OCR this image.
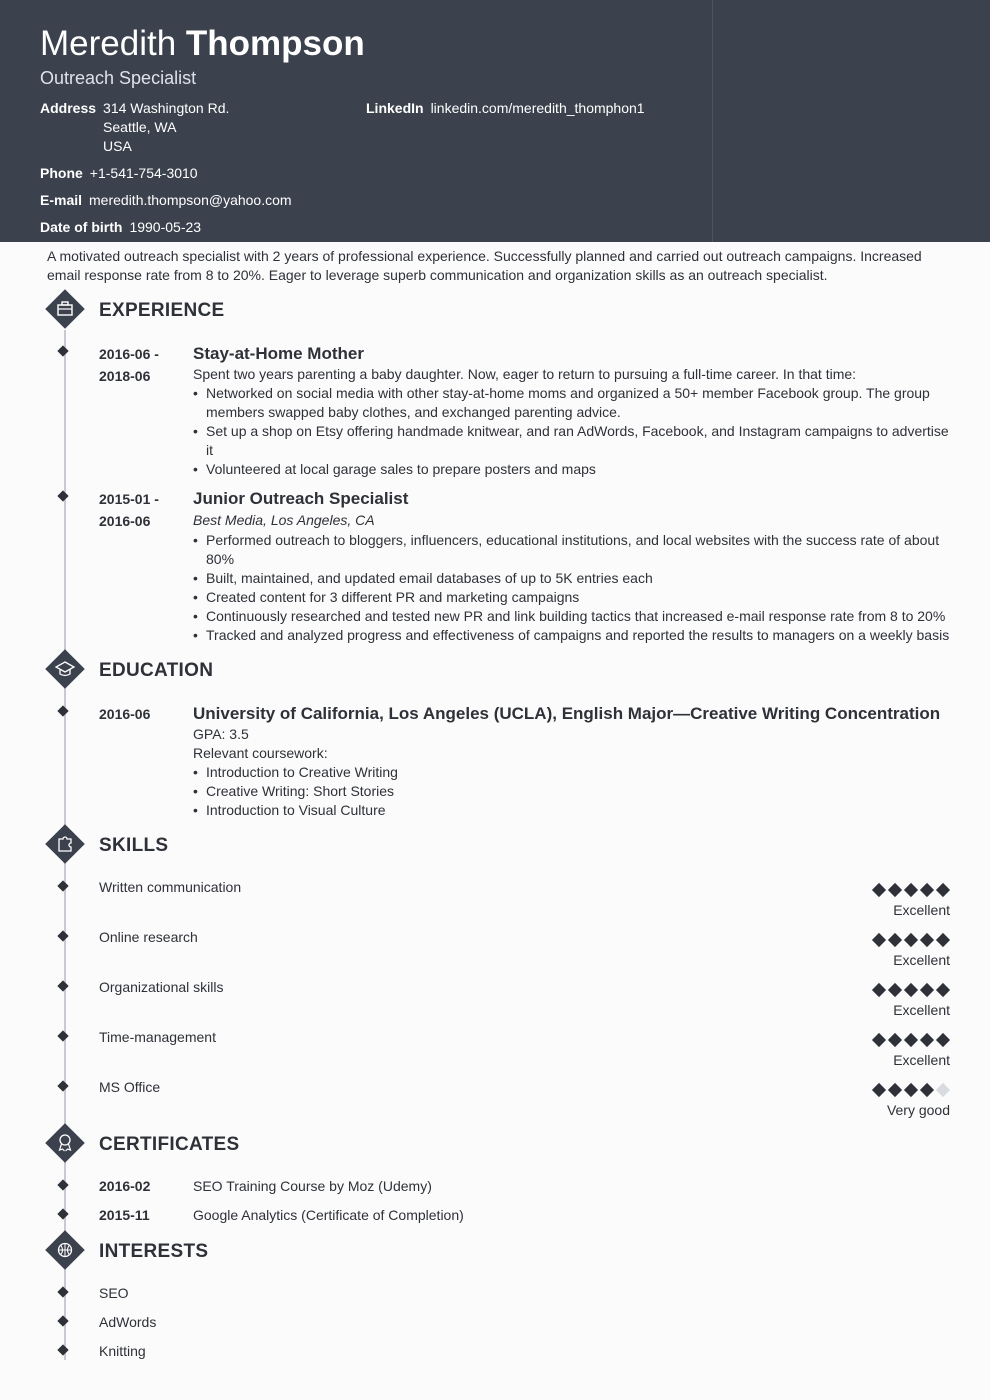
Meredith Thompson
Outreach Specialist
Address 314 Washington Rd.
Seattle, WA
USA
LinkedIn linkedin.com/meredith_thomphon1
Phone +1-541-754-3010
E-mail meredith.thompson@yahoo.com
Date of birth 1990-05-23
A motivated outreach specialist with 2 years of professional experience. Successfully planned and carried out outreach campaigns. Increased email response rate from 8 to 20%. Eager to leverage superb communication and organization skills as an outreach specialist.
EXPERIENCE
2016-06 -
2018-06
Stay-at-Home Mother
Spent two years parenting a baby daughter. Now, eager to return to pursuing a full-time career. In that time:
• Networked on social media with other stay-at-home moms and organized a 50+ member Facebook group. The group members swapped baby clothes, and exchanged parenting advice.
• Set up a shop on Etsy offering handmade knitwear, and ran AdWords, Facebook, and Instagram campaigns to advertise it
• Volunteered at local garage sales to prepare posters and maps
2015-01 -
2016-06
Junior Outreach Specialist
Best Media, Los Angeles, CA
• Performed outreach to bloggers, influencers, educational institutions, and local websites with the success rate of about 80%
• Built, maintained, and updated email databases of up to 5K entries each
• Created content for 3 different PR and marketing campaigns
• Continuously researched and tested new PR and link building tactics that increased e-mail response rate from 8 to 20%
• Tracked and analyzed progress and effectiveness of campaigns and reported the results to managers on a weekly basis
EDUCATION
2016-06	University of California, Los Angeles (UCLA), English Major—Creative Writing Concentration
GPA: 3.5
Relevant coursework:
• Introduction to Creative Writing
• Creative Writing: Short Stories
• Introduction to Visual Culture
SKILLS
Written communication
Excellent
Online research
Excellent
Organizational skills
Excellent
Time-management
Excellent
MS Office
Very good
CERTIFICATES
2016-02	SEO Training Course by Moz (Udemy)
2015-11	Google Analytics (Certificate of Completion)
INTERESTS
SEO
AdWords
Knitting
